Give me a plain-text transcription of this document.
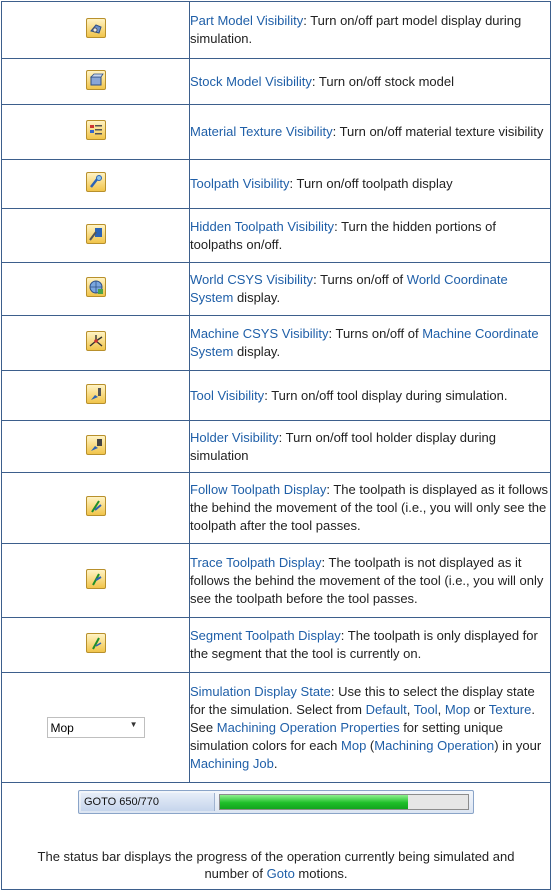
	Part Model Visibility: Turn on/off part model display during simulation.

	Stock Model Visibility: Turn on/off stock model

	Material Texture Visibility: Turn on/off material texture visibility

	Toolpath Visibility: Turn on/off toolpath display

	Hidden Toolpath Visibility: Turn the hidden portions of toolpaths on/off.

	World CSYS Visibility: Turns on/off of World Coordinate System display.

	Machine CSYS Visibility: Turns on/off of Machine Coordinate System display.

	Tool Visibility: Turn on/off tool display during simulation.

	Holder Visibility: Turn on/off tool holder display during simulation

	Follow Toolpath Display: The toolpath is displayed as it follows the behind the movement of the tool (i.e., you will only see the toolpath after the tool passes.

	Trace Toolpath Display: The toolpath is not displayed as it follows the behind the movement of the tool (i.e., you will only see the toolpath before the tool passes.

	Segment Toolpath Display: The toolpath is only displayed for the segment that the tool is currently on.

Mop ▼	Simulation Display State: Use this to select the display state for the simulation. Select from Default, Tool, Mop or Texture. See Machining Operation Properties for setting unique simulation colors for each Mop (Machining Operation) in your Machining Job.

GOTO 650/770
The status bar displays the progress of the operation currently being simulated and number of Goto motions.	
